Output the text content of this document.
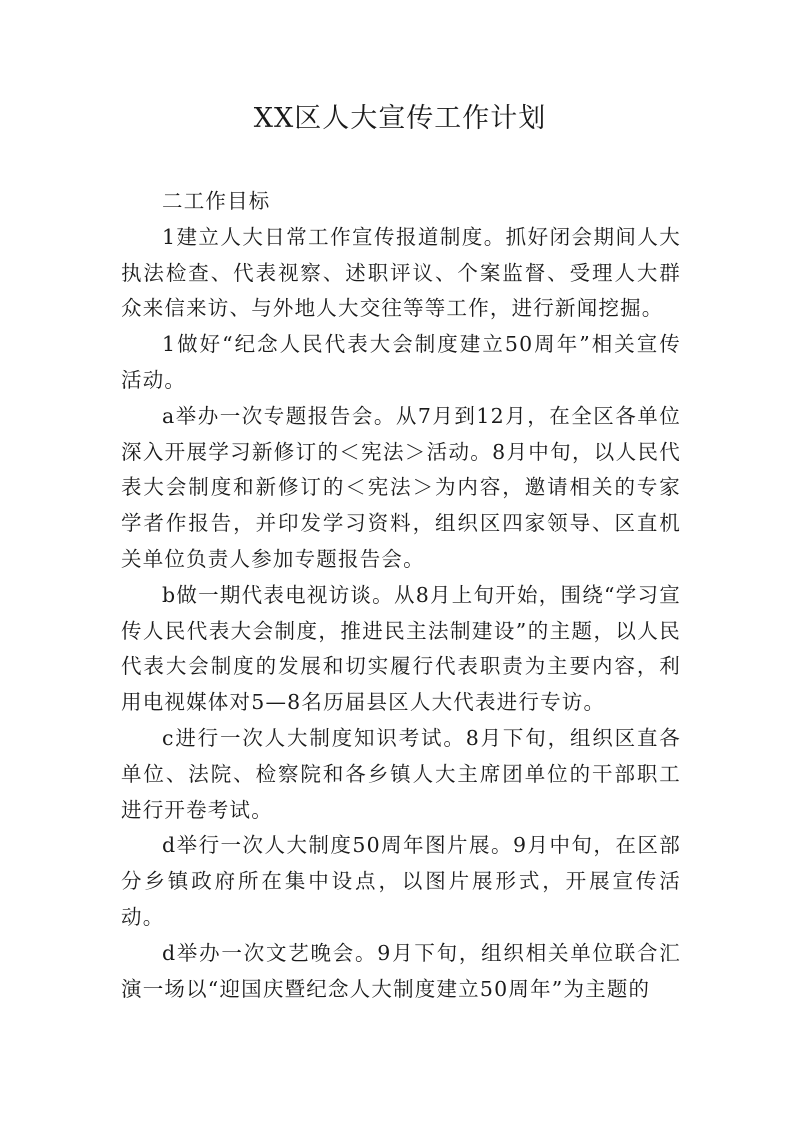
XX区人大宣传工作计划

二工作目标

1建立人大日常工作宣传报道制度。抓好闭会期间人大执法检查、代表视察、述职评议、个案监督、受理人大群众来信来访、与外地人大交往等等工作，进行新闻挖掘。

1做好“纪念人民代表大会制度建立50周年”相关宣传活动。

a举办一次专题报告会。从7月到12月，在全区各单位深入开展学习新修订的＜宪法＞活动。8月中旬，以人民代表大会制度和新修订的＜宪法＞为内容，邀请相关的专家学者作报告，并印发学习资料，组织区四家领导、区直机关单位负责人参加专题报告会。

b做一期代表电视访谈。从8月上旬开始，围绕“学习宣传人民代表大会制度，推进民主法制建设”的主题，以人民代表大会制度的发展和切实履行代表职责为主要内容，利用电视媒体对5—8名历届县区人大代表进行专访。

c进行一次人大制度知识考试。8月下旬，组织区直各单位、法院、检察院和各乡镇人大主席团单位的干部职工进行开卷考试。

d举行一次人大制度50周年图片展。9月中旬，在区部分乡镇政府所在集中设点，以图片展形式，开展宣传活动。

d举办一次文艺晚会。9月下旬，组织相关单位联合汇演一场以“迎国庆暨纪念人大制度建立50周年”为主题的
